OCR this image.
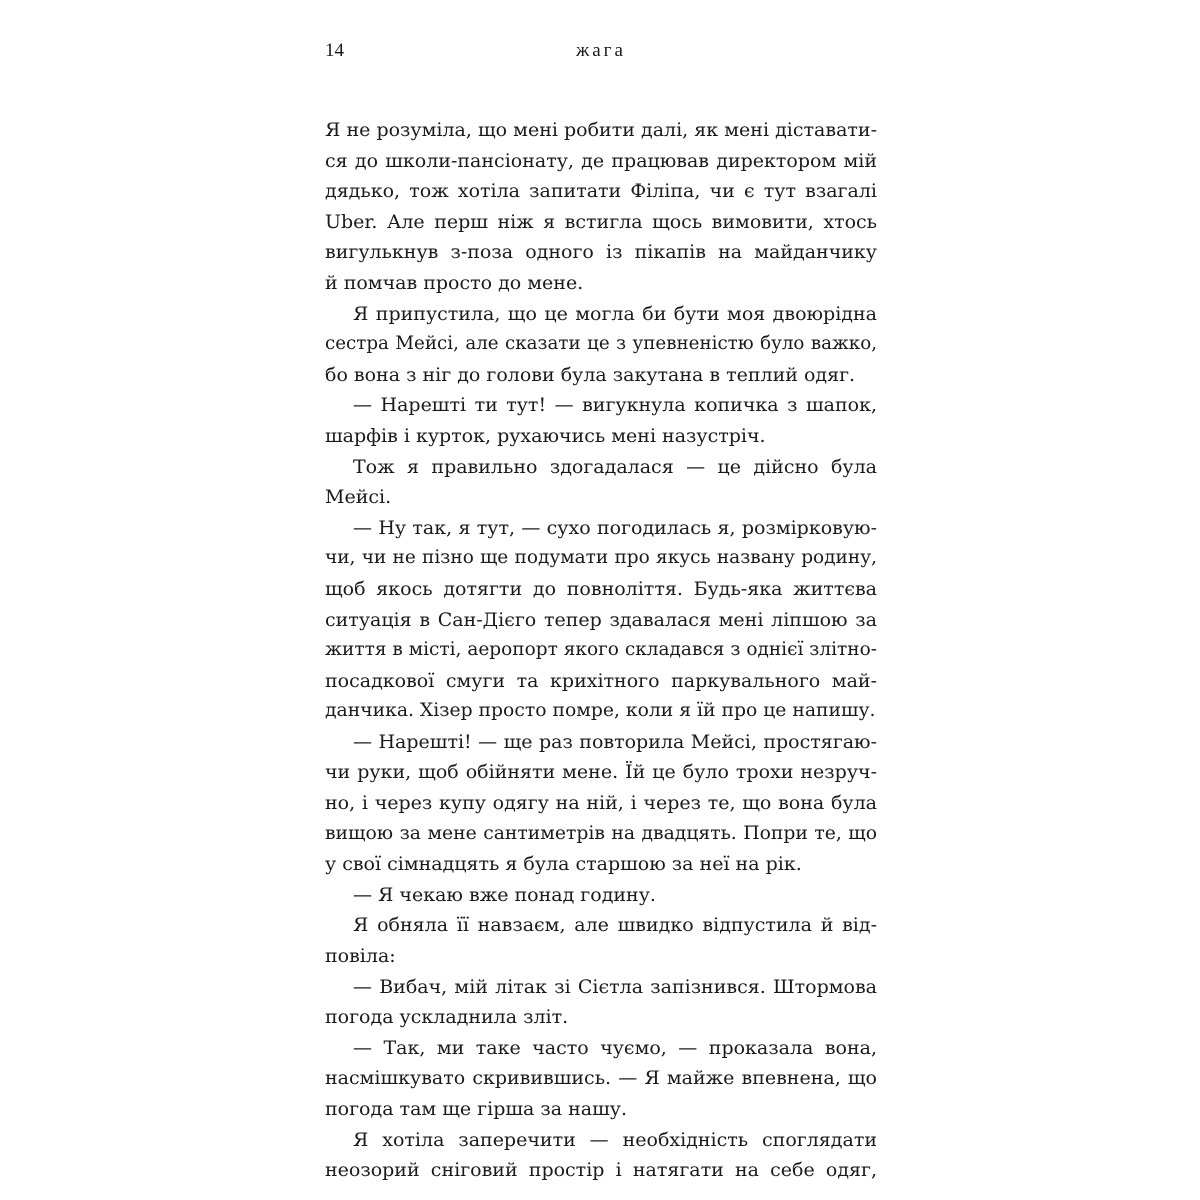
14	жага
Я не розуміла, що мені робити далі, як мені діставати-
ся до школи-пансіонату, де працював директором мій
дядько, тож хотіла запитати Філіпа, чи є тут взагалі
Uber. Але перш ніж я встигла щось вимовити, хтось
вигулькнув з-поза одного із пікапів на майданчику
й помчав просто до мене.
Я припустила, що це могла би бути моя двоюрідна
сестра Мейсі, але сказати це з упевненістю було важко,
бо вона з ніг до голови була закутана в теплий одяг.
— Нарешті ти тут! — вигукнула копичка з шапок,
шарфів і курток, рухаючись мені назустріч.
Тож я правильно здогадалася — це дійсно була
Мейсі.
— Ну так, я тут, — сухо погодилась я, розмірковую-
чи, чи не пізно ще подумати про якусь названу родину,
щоб якось дотягти до повноліття. Будь-яка життєва
ситуація в Сан-Дієго тепер здавалася мені ліпшою за
життя в місті, аеропорт якого складався з однієї злітно-
посадкової смуги та крихітного паркувального май-
данчика. Хізер просто помре, коли я їй про це напишу.
— Нарешті! — ще раз повторила Мейсі, простягаю-
чи руки, щоб обійняти мене. Їй це було трохи незруч-
но, і через купу одягу на ній, і через те, що вона була
вищою за мене сантиметрів на двадцять. Попри те, що
у свої сімнадцять я була старшою за неї на рік.
— Я чекаю вже понад годину.
Я обняла її навзаєм, але швидко відпустила й від-
повіла:
— Вибач, мій літак зі Сієтла запізнився. Штормова
погода ускладнила зліт.
— Так, ми таке часто чуємо, — проказала вона,
насмішкувато скривившись. — Я майже впевнена, що
погода там ще гірша за нашу.
Я хотіла заперечити — необхідність споглядати
неозорий сніговий простір і натягати на себе одяг,
